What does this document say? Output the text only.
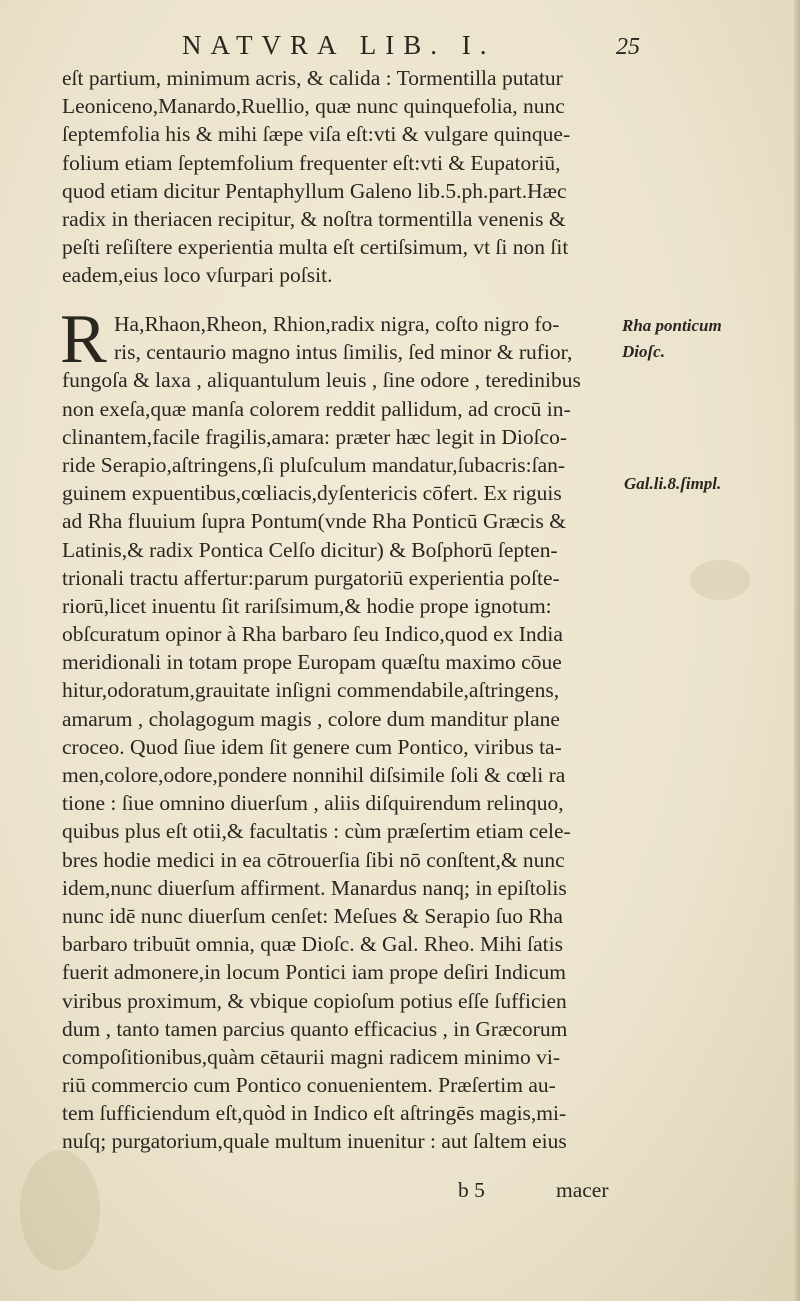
NATVRA LIB. I.	25
eſt partium, minimum acris, & calida : Tormentilla putatur
Leoniceno,Manardo,Ruellio, quæ nunc quinquefolia, nunc
ſeptemfolia his & mihi ſæpe viſa eſt:vti & vulgare quinque-
folium etiam ſeptemfolium frequenter eſt:vti & Eupatoriū,
quod etiam dicitur Pentaphyllum Galeno lib.5.ph.part.Hæc
radix in theriacen recipitur, & noſtra tormentilla venenis &
peſti reſiſtere experientia multa eſt certiſsimum, vt ſi non ſit
eadem,eius loco vſurpari poſsit.
R Ha,Rhaon,Rheon, Rhion,radix nigra, coſto nigro fo-
ris, centaurio magno intus ſimilis, ſed minor & rufior,
fungoſa & laxa , aliquantulum leuis , ſine odore , teredinibus
non exeſa,quæ manſa colorem reddit pallidum, ad crocū in-
clinantem,facile fragilis,amara: præter hæc legit in Dioſco-
ride Serapio,aſtringens,ſi pluſculum mandatur,ſubacris:ſan-
guinem expuentibus,cœliacis,dyſentericis cōfert. Ex riguis
ad Rha fluuium ſupra Pontum(vnde Rha Ponticū Græcis &
Latinis,& radix Pontica Celſo dicitur) & Boſphorū ſepten-
trionali tractu affertur:parum purgatoriū experientia poſte-
riorū,licet inuentu ſit rariſsimum,& hodie prope ignotum:
obſcuratum opinor à Rha barbaro ſeu Indico,quod ex India
meridionali in totam prope Europam quæſtu maximo cōue
hitur,odoratum,grauitate inſigni commendabile,aſtringens,
amarum , cholagogum magis , colore dum manditur plane
croceo. Quod ſiue idem ſit genere cum Pontico, viribus ta-
men,colore,odore,pondere nonnihil diſsimile ſoli & cœli ra
tione : ſiue omnino diuerſum , aliis diſquirendum relinquo,
quibus plus eſt otii,& facultatis : cùm præſertim etiam cele-
bres hodie medici in ea cōtrouerſia ſibi nō conſtent,& nunc
idem,nunc diuerſum affirment. Manardus nanq; in epiſtolis
nunc idē nunc diuerſum cenſet: Meſues & Serapio ſuo Rha
barbaro tribuūt omnia, quæ Dioſc. & Gal. Rheo. Mihi ſatis
fuerit admonere,in locum Pontici iam prope deſiri Indicum
viribus proximum, & vbique copioſum potius eſſe ſufficien
dum , tanto tamen parcius quanto efficacius , in Græcorum
compoſitionibus,quàm cētaurii magni radicem minimo vi-
riū commercio cum Pontico conuenientem. Præſertim au-
tem ſufficiendum eſt,quòd in Indico eſt aſtringēs magis,mi-
nuſq; purgatorium,quale multum inuenitur : aut ſaltem eius
Rha ponticum
Dioſc.
Gal.li.8.ſimpl.
b 5	macer
